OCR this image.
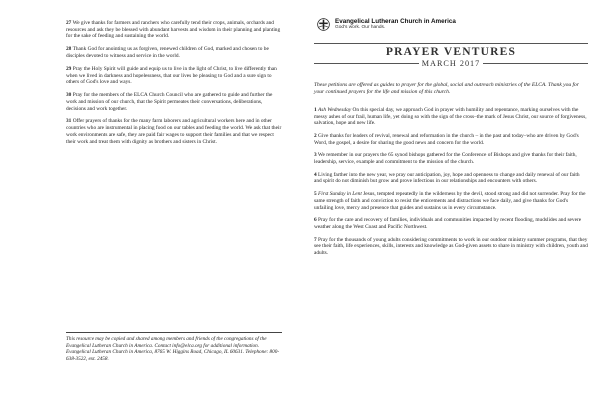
27 We give thanks for farmers and ranchers who carefully tend their crops, animals, orchards and resources and ask they be blessed with abundant harvests and wisdom in their planning and planting for the sake of feeding and sustaining the world.

28 Thank God for anointing us as forgiven, renewed children of God, marked and chosen to be disciples devoted to witness and service in the world.

29 Pray the Holy Spirit will guide and equip us to live in the light of Christ, to live differently than when we lived in darkness and hopelessness, that our lives be pleasing to God and a sure sign to others of God's love and ways.

30 Pray for the members of the ELCA Church Council who are gathered to guide and further the work and mission of our church, that the Spirit permeates their conversations, deliberations, decisions and work together.

31 Offer prayers of thanks for the many farm laborers and agricultural workers here and in other countries who are instrumental in placing food on our tables and feeding the world. We ask that their work environments are safe, they are paid fair wages to support their families and that we respect their work and treat them with dignity as brothers and sisters in Christ.

This resource may be copied and shared among members and friends of the congregations of the Evangelical Lutheran Church in America. Contact info@elca.org for additional information. Evangelical Lutheran Church in America, 8765 W. Higgins Road, Chicago, IL 60631. Telephone: 800-638-3522, ext. 2458.

Evangelical Lutheran Church in America
God's work. Our hands.
PRAYER VENTURES
MARCH 2017

These petitions are offered as guides to prayer for the global, social and outreach ministries of the ELCA. Thank you for your continued prayers for the life and mission of this church.

1 Ash Wednesday On this special day, we approach God in prayer with humility and repentance, marking ourselves with the messy ashes of our frail, human life, yet doing so with the sign of the cross–the mark of Jesus Christ, our source of forgiveness, salvation, hope and new life.

2 Give thanks for leaders of revival, renewal and reformation in the church – in the past and today–who are driven by God's Word, the gospel, a desire for sharing the good news and concern for the world.

3 We remember in our prayers the 65 synod bishops gathered for the Conference of Bishops and give thanks for their faith, leadership, service, example and commitment to the mission of the church.

4 Living farther into the new year, we pray our anticipation, joy, hope and openness to change and daily renewal of our faith and spirit do not diminish but grow and prove infectious in our relationships and encounters with others.

5 First Sunday in Lent Jesus, tempted repeatedly in the wilderness by the devil, stood strong and did not surrender. Pray for the same strength of faith and conviction to resist the enticements and distractions we face daily, and give thanks for God's unfailing love, mercy and presence that guides and sustains us in every circumstance.

6 Pray for the care and recovery of families, individuals and communities impacted by recent flooding, mudslides and severe weather along the West Coast and Pacific Northwest.

7 Pray for the thousands of young adults considering commitments to work in our outdoor ministry summer programs, that they see their faith, life experiences, skills, interests and knowledge as God-given assets to share in ministry with children, youth and adults.
